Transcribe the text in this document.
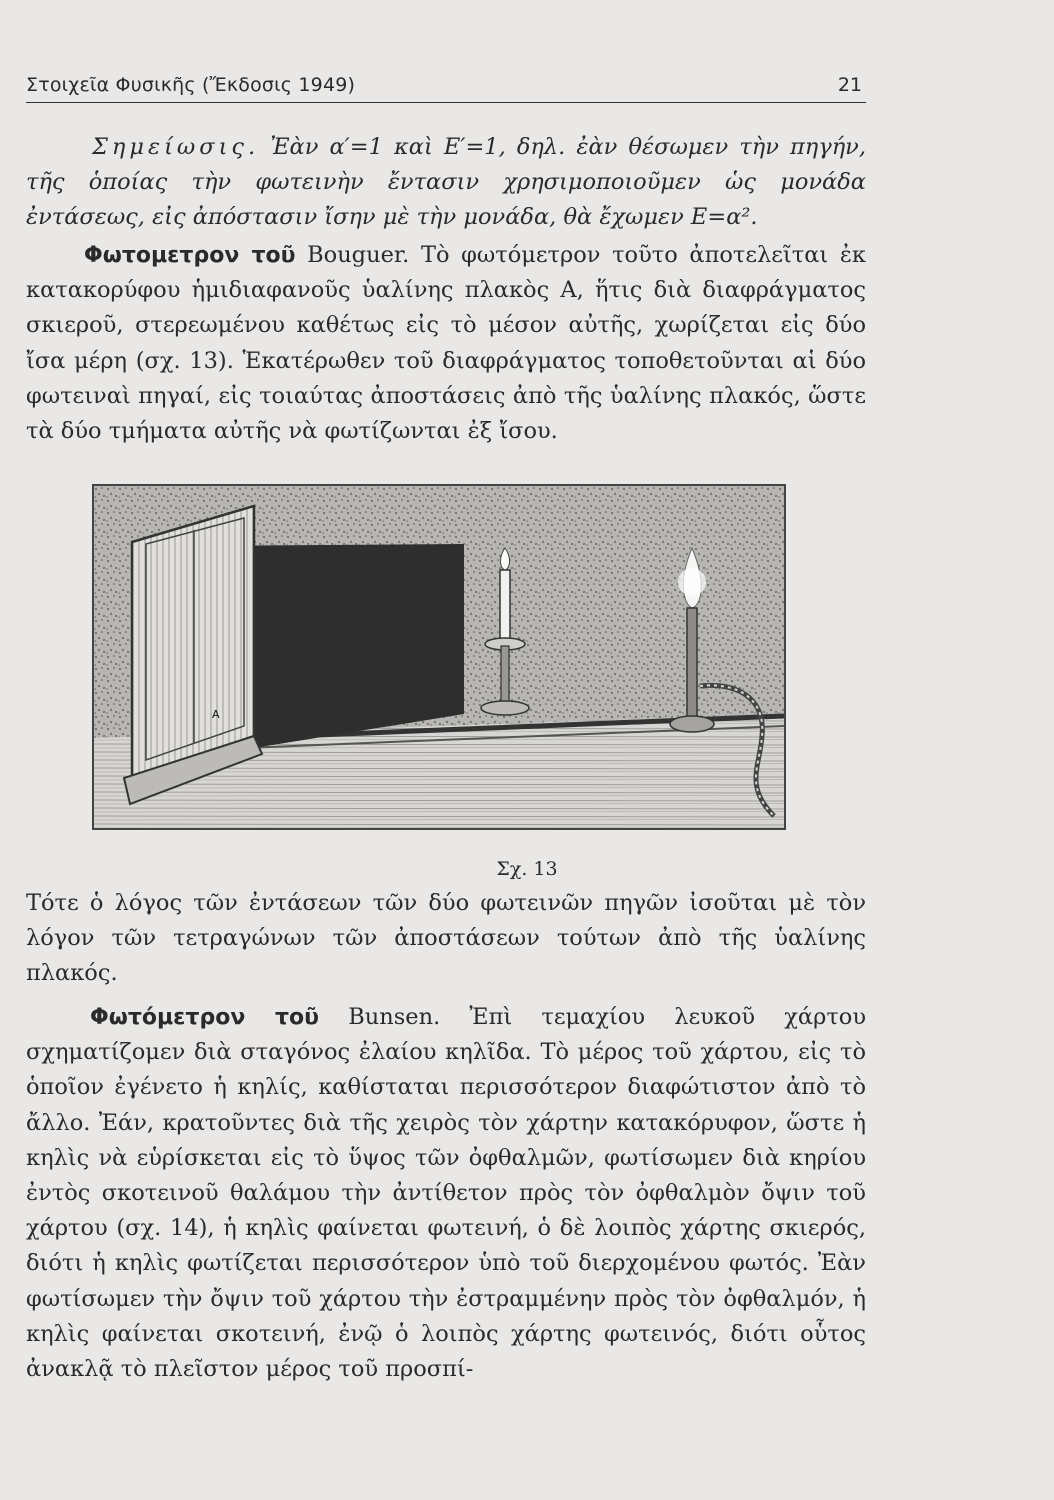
Στοιχεῖα Φυσικῆς (Ἔκδοσις 1949)	21
Σημείωσις. Ἐὰν α′=1 καὶ Ε′=1, δηλ. ἐὰν θέσωμεν τὴν πηγήν, τῆς ὁποίας τὴν φωτεινὴν ἔντασιν χρησιμοποιοῦμεν ὡς μονάδα ἐντάσεως, εἰς ἀπόστασιν ἴσην μὲ τὴν μονάδα, θὰ ἔχωμεν Ε=α².
Φωτομετρον τοῦ Bouguer. Τὸ φωτόμετρον τοῦτο ἀποτελεῖται ἐκ κατακορύφου ἡμιδιαφανοῦς ὑαλίνης πλακὸς Α, ἥτις διὰ διαφράγματος σκιεροῦ, στερεωμένου καθέτως εἰς τὸ μέσον αὐτῆς, χωρίζεται εἰς δύο ἴσα μέρη (σχ. 13). Ἑκατέρωθεν τοῦ διαφράγματος τοποθετοῦνται αἱ δύο φωτειναὶ πηγαί, εἰς τοιαύτας ἀποστάσεις ἀπὸ τῆς ὑαλίνης πλακός, ὥστε τὰ δύο τμήματα αὐτῆς νὰ φωτίζωνται ἐξ ἴσου.
A
Σχ. 13
Τότε ὁ λόγος τῶν ἐντάσεων τῶν δύο φωτεινῶν πηγῶν ἰσοῦται μὲ τὸν λόγον τῶν τετραγώνων τῶν ἀποστάσεων τούτων ἀπὸ τῆς ὑαλίνης πλακός.
Φωτόμετρον τοῦ Bunsen. Ἐπὶ τεμαχίου λευκοῦ χάρτου σχηματίζομεν διὰ σταγόνος ἐλαίου κηλῖδα. Τὸ μέρος τοῦ χάρτου, εἰς τὸ ὁποῖον ἐγένετο ἡ κηλίς, καθίσταται περισσότερον διαφώτιστον ἀπὸ τὸ ἄλλο. Ἐάν, κρατοῦντες διὰ τῆς χειρὸς τὸν χάρτην κατακόρυφον, ὥστε ἡ κηλὶς νὰ εὑρίσκεται εἰς τὸ ὕψος τῶν ὀφθαλμῶν, φωτίσωμεν διὰ κηρίου ἐντὸς σκοτεινοῦ θαλάμου τὴν ἀντίθετον πρὸς τὸν ὀφθαλμὸν ὄψιν τοῦ χάρτου (σχ. 14), ἡ κηλὶς φαίνεται φωτεινή, ὁ δὲ λοιπὸς χάρτης σκιερός, διότι ἡ κηλὶς φωτίζεται περισσότερον ὑπὸ τοῦ διερχομένου φωτός. Ἐὰν φωτίσωμεν τὴν ὄψιν τοῦ χάρτου τὴν ἐστραμμένην πρὸς τὸν ὀφθαλμόν, ἡ κηλὶς φαίνεται σκοτεινή, ἐνῷ ὁ λοιπὸς χάρτης φωτεινός, διότι οὗτος ἀνακλᾷ τὸ πλεῖστον μέρος τοῦ προσπί-
